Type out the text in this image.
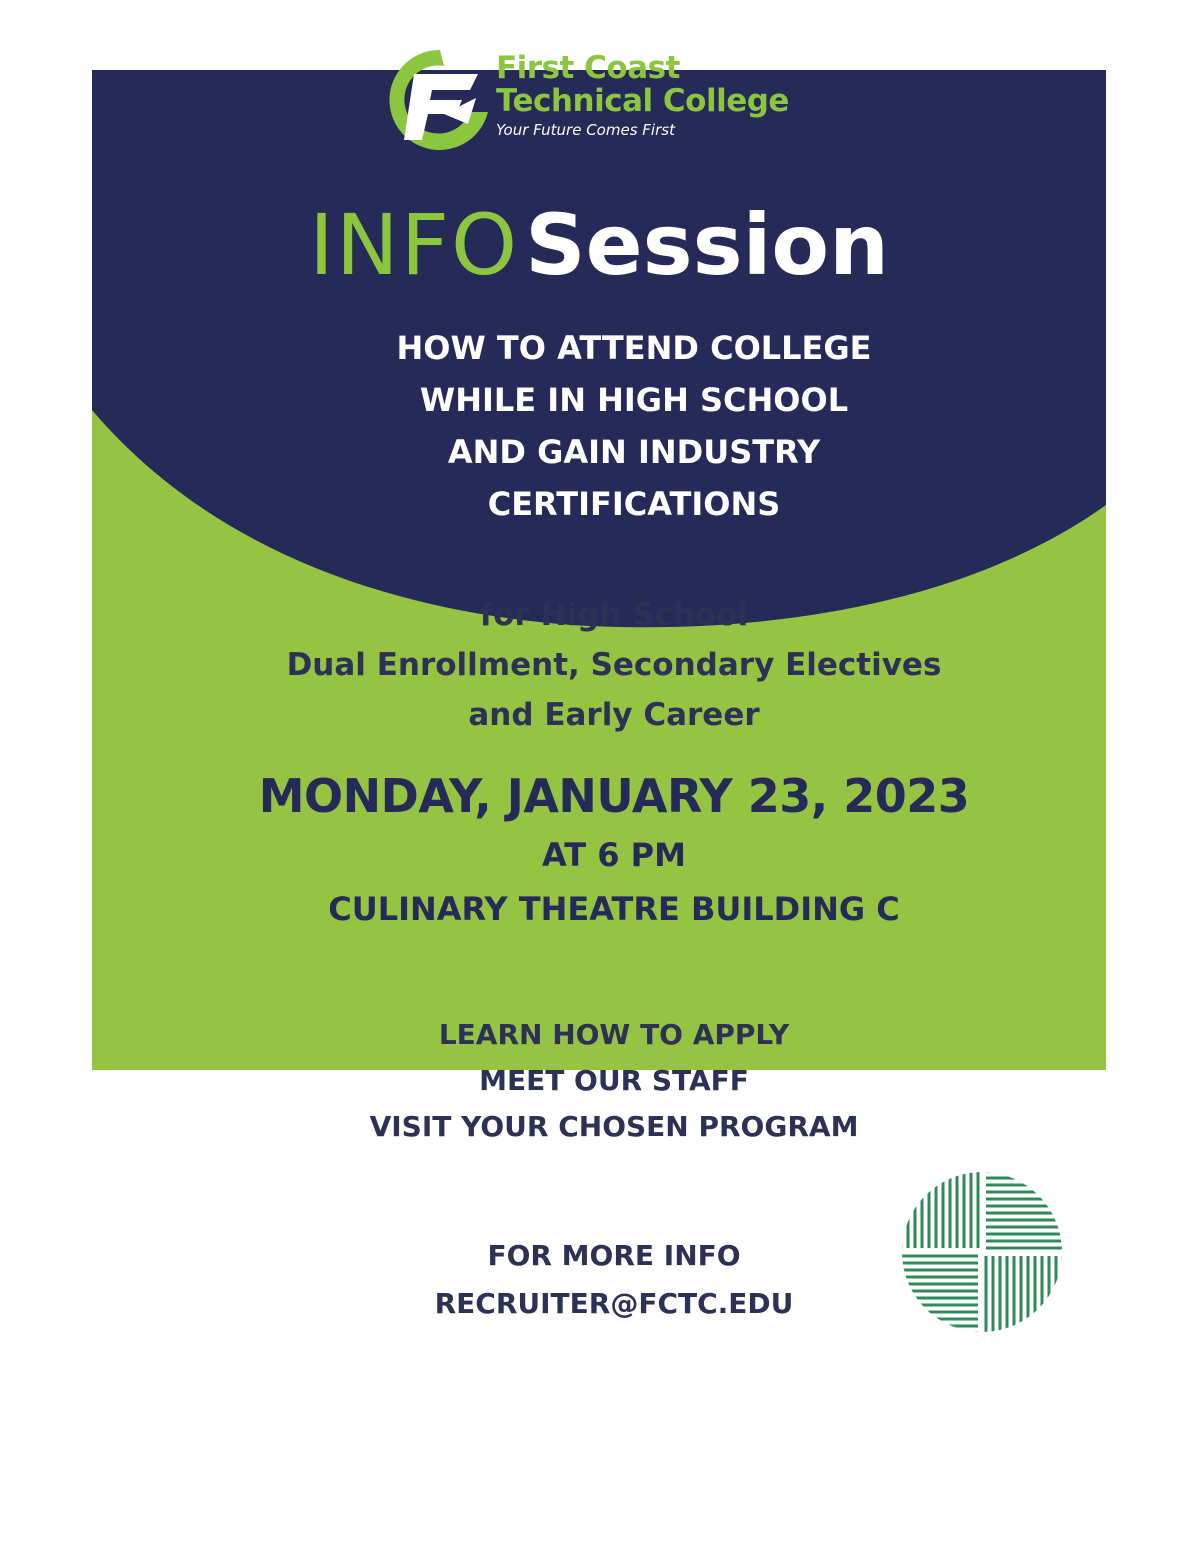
First Coast
Technical College
Your Future Comes First
INFOSession
HOW TO ATTEND COLLEGE
WHILE IN HIGH SCHOOL
AND GAIN INDUSTRY
CERTIFICATIONS
for High School
Dual Enrollment, Secondary Electives
and Early Career
MONDAY, JANUARY 23, 2023
AT 6 PM
CULINARY THEATRE BUILDING C
LEARN HOW TO APPLY
MEET OUR STAFF
VISIT YOUR CHOSEN PROGRAM
FOR MORE INFO
RECRUITER@FCTC.EDU
RSVP
not
required
